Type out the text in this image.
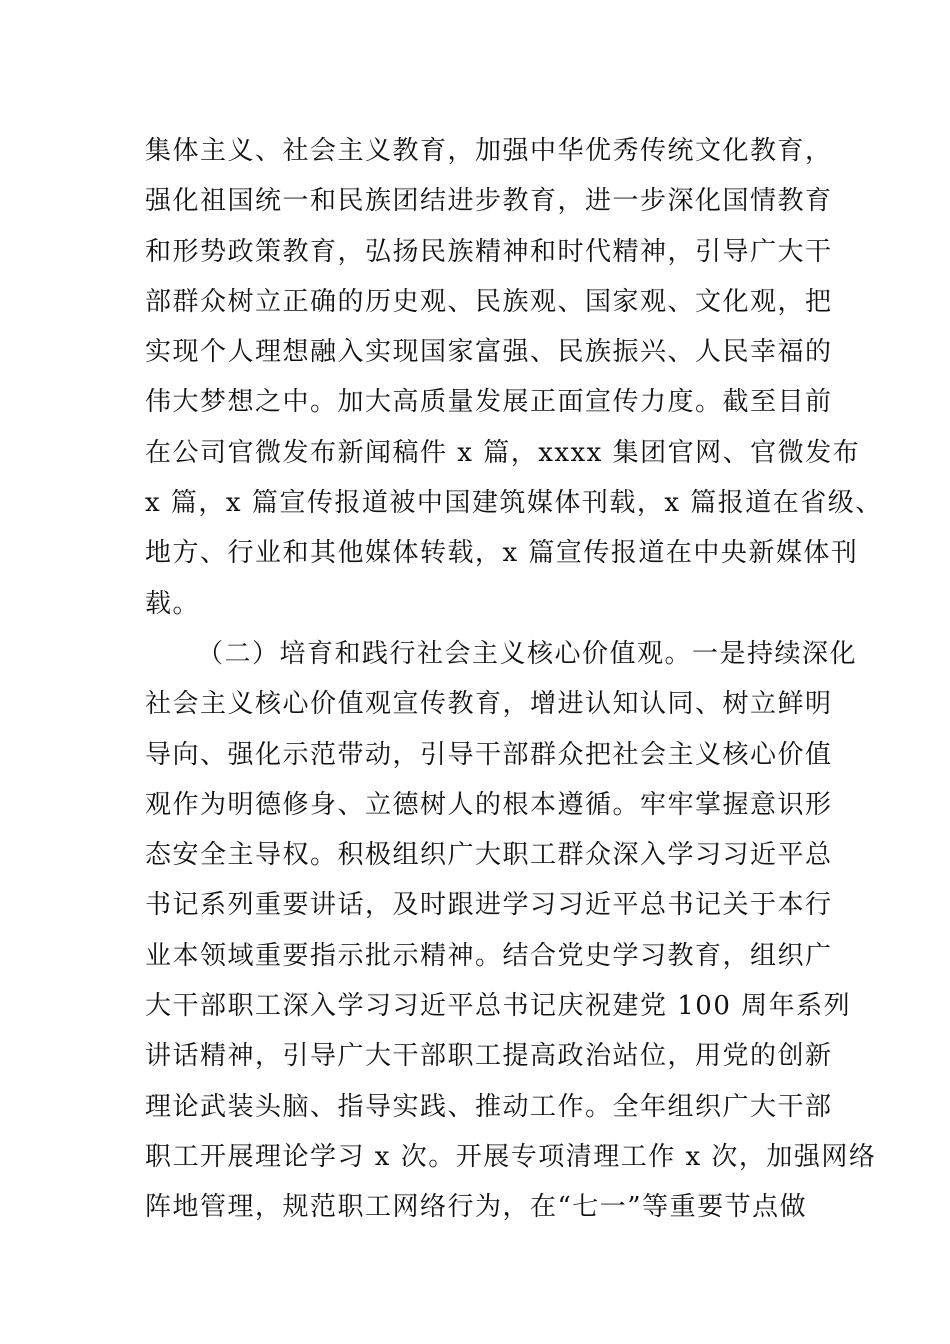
集体主义、社会主义教育，加强中华优秀传统文化教育，
强化祖国统一和民族团结进步教育，进一步深化国情教育
和形势政策教育，弘扬民族精神和时代精神，引导广大干
部群众树立正确的历史观、民族观、国家观、文化观，把
实现个人理想融入实现国家富强、民族振兴、人民幸福的
伟大梦想之中。加大高质量发展正面宣传力度。截至目前
在公司官微发布新闻稿件 x 篇，xxxx 集团官网、官微发布
x 篇，x 篇宣传报道被中国建筑媒体刊载，x 篇报道在省级、
地方、行业和其他媒体转载，x 篇宣传报道在中央新媒体刊
载。
（二）培育和践行社会主义核心价值观。一是持续深化
社会主义核心价值观宣传教育，增进认知认同、树立鲜明
导向、强化示范带动，引导干部群众把社会主义核心价值
观作为明德修身、立德树人的根本遵循。牢牢掌握意识形
态安全主导权。积极组织广大职工群众深入学习习近平总
书记系列重要讲话，及时跟进学习习近平总书记关于本行
业本领域重要指示批示精神。结合党史学习教育，组织广
大干部职工深入学习习近平总书记庆祝建党 100 周年系列
讲话精神，引导广大干部职工提高政治站位，用党的创新
理论武装头脑、指导实践、推动工作。全年组织广大干部
职工开展理论学习 x 次。开展专项清理工作 x 次，加强网络
阵地管理，规范职工网络行为，在“七一”等重要节点做
